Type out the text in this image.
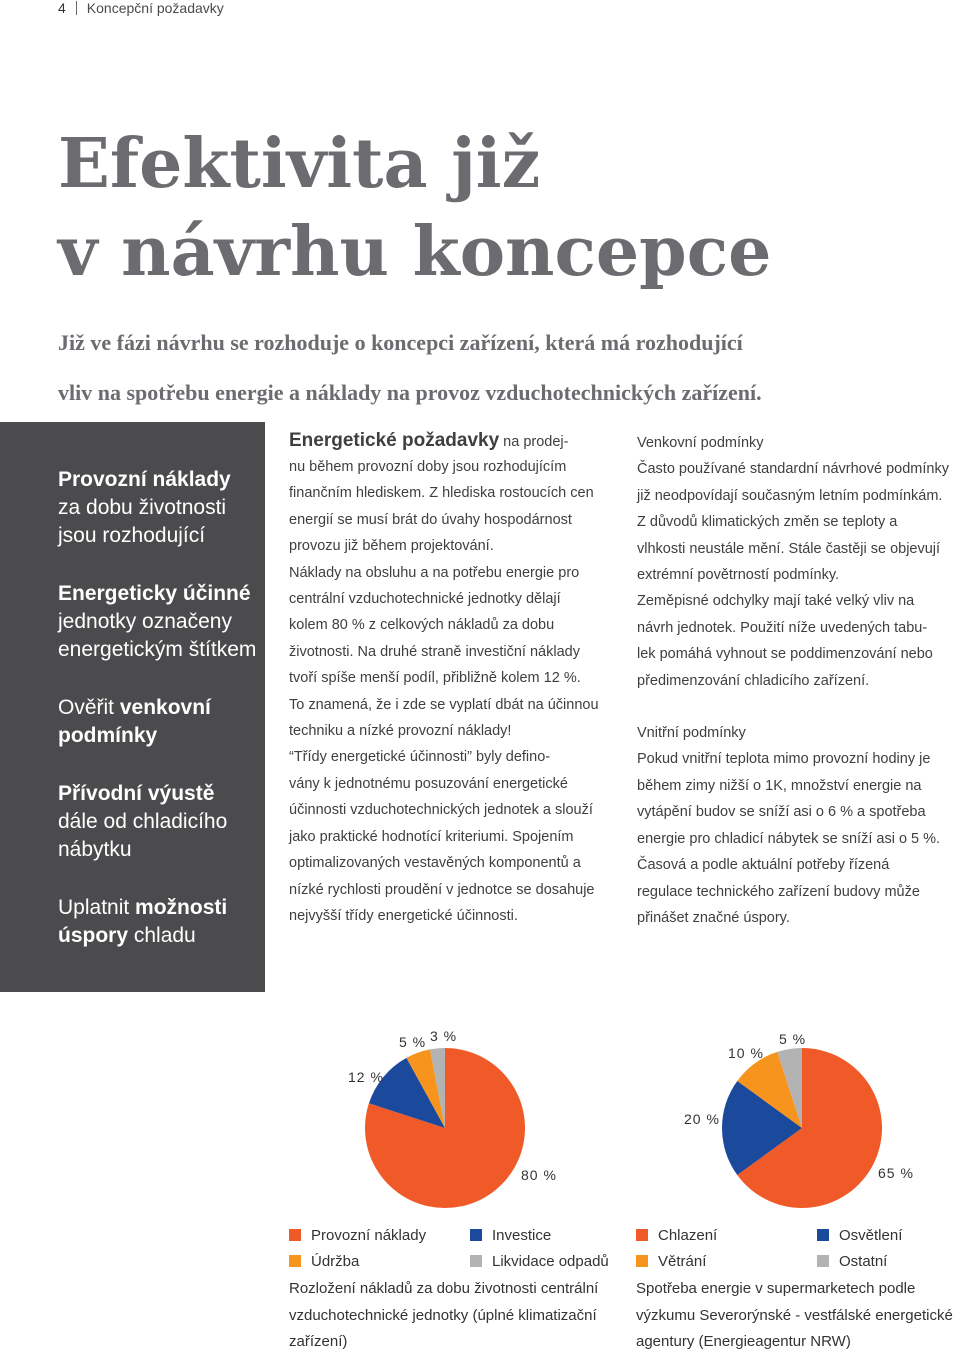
4 Koncepční požadavky
Efektivita již
v návrhu koncepce
Již ve fázi návrhu se rozhoduje o koncepci zařízení, která má rozhodující
vliv na spotřebu energie a náklady na provoz vzduchotechnických zařízení.
Provozní náklady
za dobu životnosti
jsou rozhodující
Energeticky účinné
jednotky označeny
energetickým štítkem
Ověřit venkovní
podmínky
Přívodní výustě
dále od chladicího
nábytku
Uplatnit možnosti
úspory chladu
Energetické požadavky na prodej-
nu během provozní doby jsou rozhodujícím
finančním hlediskem. Z hlediska rostoucích cen
energií se musí brát do úvahy hospodárnost
provozu již během projektování.
Náklady na obsluhu a na potřebu energie pro
centrální vzduchotechnické jednotky dělají
kolem 80 % z celkových nákladů za dobu
životnosti. Na druhé straně investiční náklady
tvoří spíše menší podíl, přibližně kolem 12 %.
To znamená, že i zde se vyplatí dbát na účinnou
techniku a nízké provozní náklady!
“Třídy energetické účinnosti” byly defino-
vány k jednotnému posuzování energetické
účinnosti vzduchotechnických jednotek a slouží
jako praktické hodnotící kriteriumi. Spojením
optimalizovaných vestavěných komponentů a
nízké rychlosti proudění v jednotce se dosahuje
nejvyšší třídy energetické účinnosti.
Venkovní podmínky
Často používané standardní návrhové podmínky
již neodpovídají současným letním podmínkám.
Z důvodů klimatických změn se teploty a
vlhkosti neustále mění. Stále častěji se objevují
extrémní povětrností podmínky.
Zeměpisné odchylky mají také velký vliv na
návrh jednotek. Použití níže uvedených tabu-
lek pomáhá vyhnout se poddimenzování nebo
předimenzování chladicího zařízení.
Vnitřní podmínky
Pokud vnitřní teplota mimo provozní hodiny je
během zimy nižší o 1K, množství energie na
vytápění budov se sníží asi o 6 % a spotřeba
energie pro chladicí nábytek se sníží asi o 5 %.
Časová a podle aktuální potřeby řízená
regulace technického zařízení budovy může
přinášet značné úspory.
12 %
5 % 3 %
80 %
20 %
10 %
5 %
65 %
Provozní náklady	Investice
Údržba	Likvidace odpadů
Chlazení	Osvětlení
Větrání	Ostatní
Rozložení nákladů za dobu životnosti centrální
vzduchotechnické jednotky (úplné klimatizační
zařízení)
Spotřeba energie v supermarketech podle
výzkumu Severorýnské - vestfálské energetické
agentury (Energieagentur NRW)
